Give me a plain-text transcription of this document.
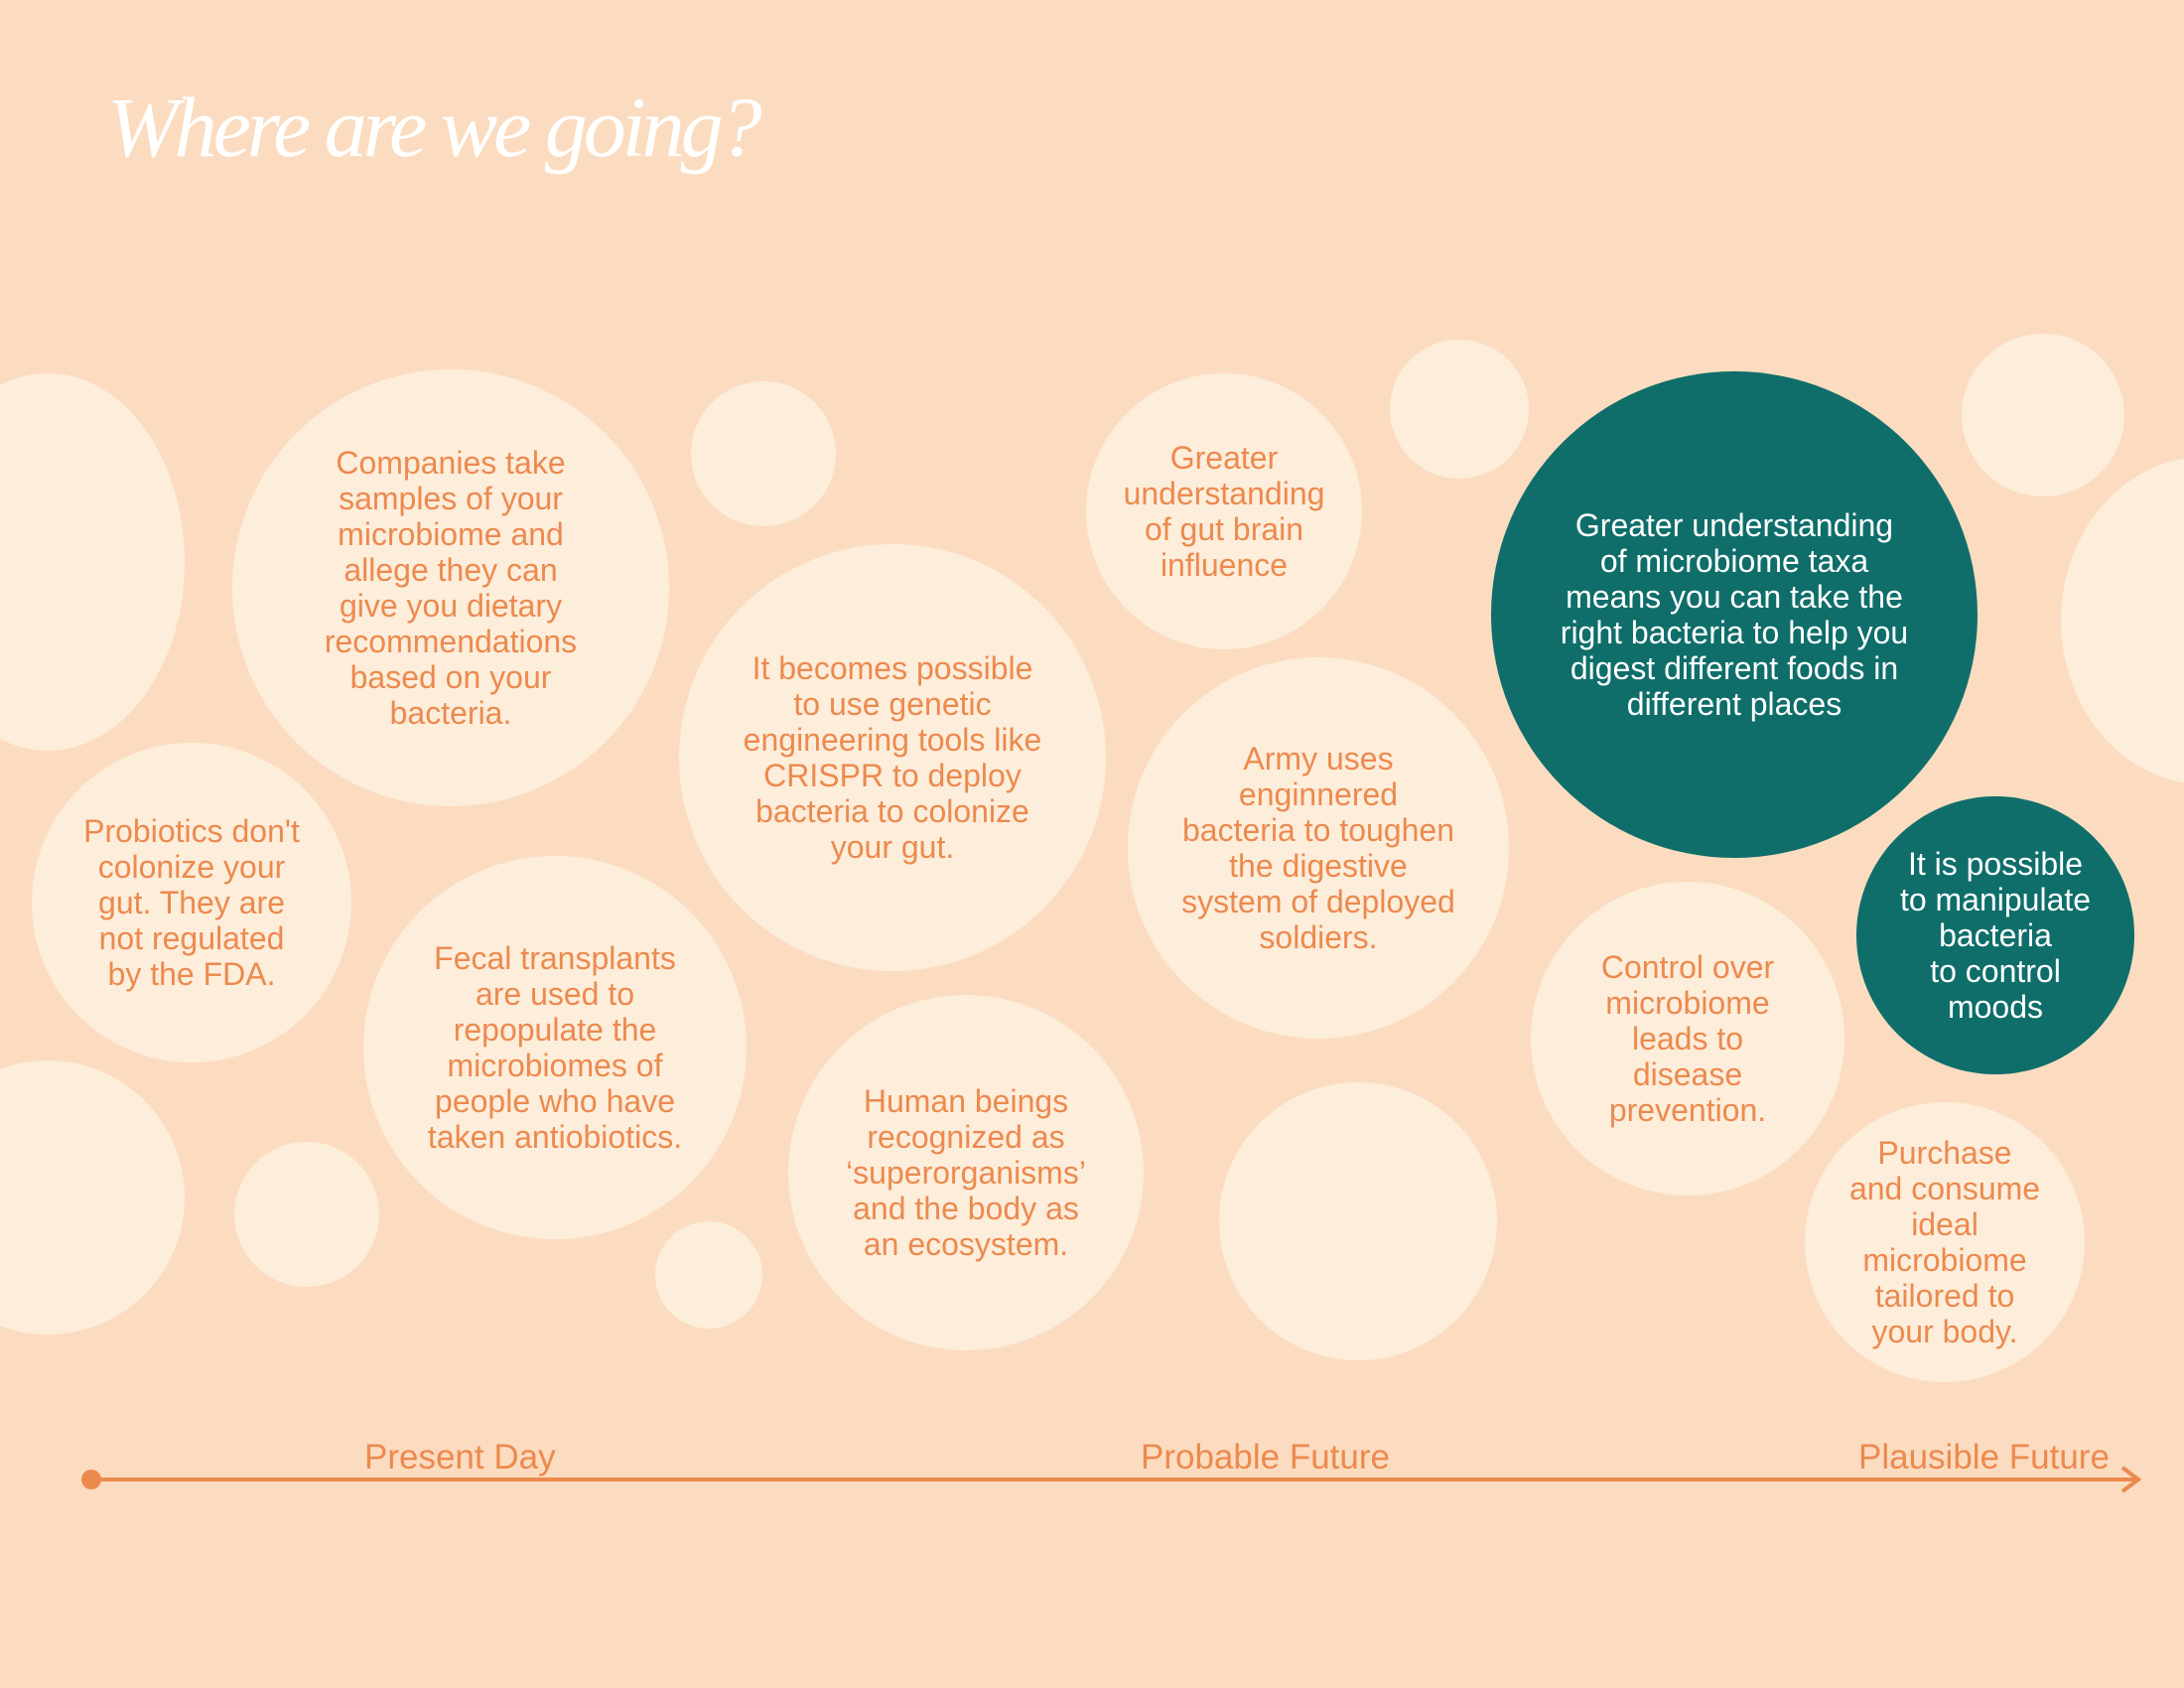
Where are we going?
Probiotics don't
colonize your
gut. They are
not regulated
by the FDA.
Companies take
samples of your
microbiome and
allege they can
give you dietary
recommendations
based on your
bacteria.
Fecal transplants
are used to
repopulate the
microbiomes of
people who have
taken antiobiotics.
It becomes possible
to use genetic
engineering tools like
CRISPR to deploy
bacteria to colonize
your gut.
Human beings
recognized as
‘superorganisms’
and the body as
an ecosystem.
Greater
understanding
of gut brain
influence
Army uses
enginnered
bacteria to toughen
the digestive
system of deployed
soldiers.
Greater understanding
of microbiome taxa
means you can take the
right bacteria to help you
digest different foods in
different places
Control over
microbiome
leads to
disease
prevention.
It is possible
to manipulate
bacteria
to control
moods
Purchase
and consume
ideal
microbiome
tailored to
your body.
Present Day	Probable Future	Plausible Future
